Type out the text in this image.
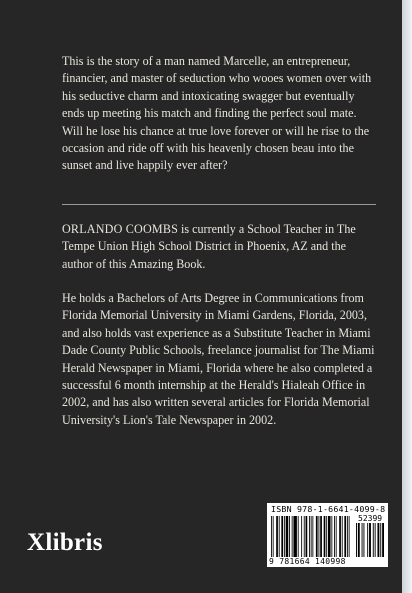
This is the story of a man named Marcelle, an entrepreneur, financier, and master of seduction who wooes women over with his seductive charm and intoxicating swagger but eventually ends up meeting his match and finding the perfect soul mate. Will he lose his chance at true love forever or will he rise to the occasion and ride off with his heavenly chosen beau into the sunset and live happily ever after?

ORLANDO COOMBS is currently a School Teacher in The Tempe Union High School District in Phoenix, AZ and the author of this Amazing Book.

He holds a Bachelors of Arts Degree in Communications from Florida Memorial University in Miami Gardens, Florida, 2003, and also holds vast experience as a Substitute Teacher in Miami Dade County Public Schools, freelance journalist for The Miami Herald Newspaper in Miami, Florida where he also completed a successful 6 month internship at the Herald's Hialeah Office in 2002, and has also written several articles for Florida Memorial University's Lion's Tale Newspaper in 2002.

Xlibris
ISBN 978-1-6641-4099-8
52399
9 781664 140998
